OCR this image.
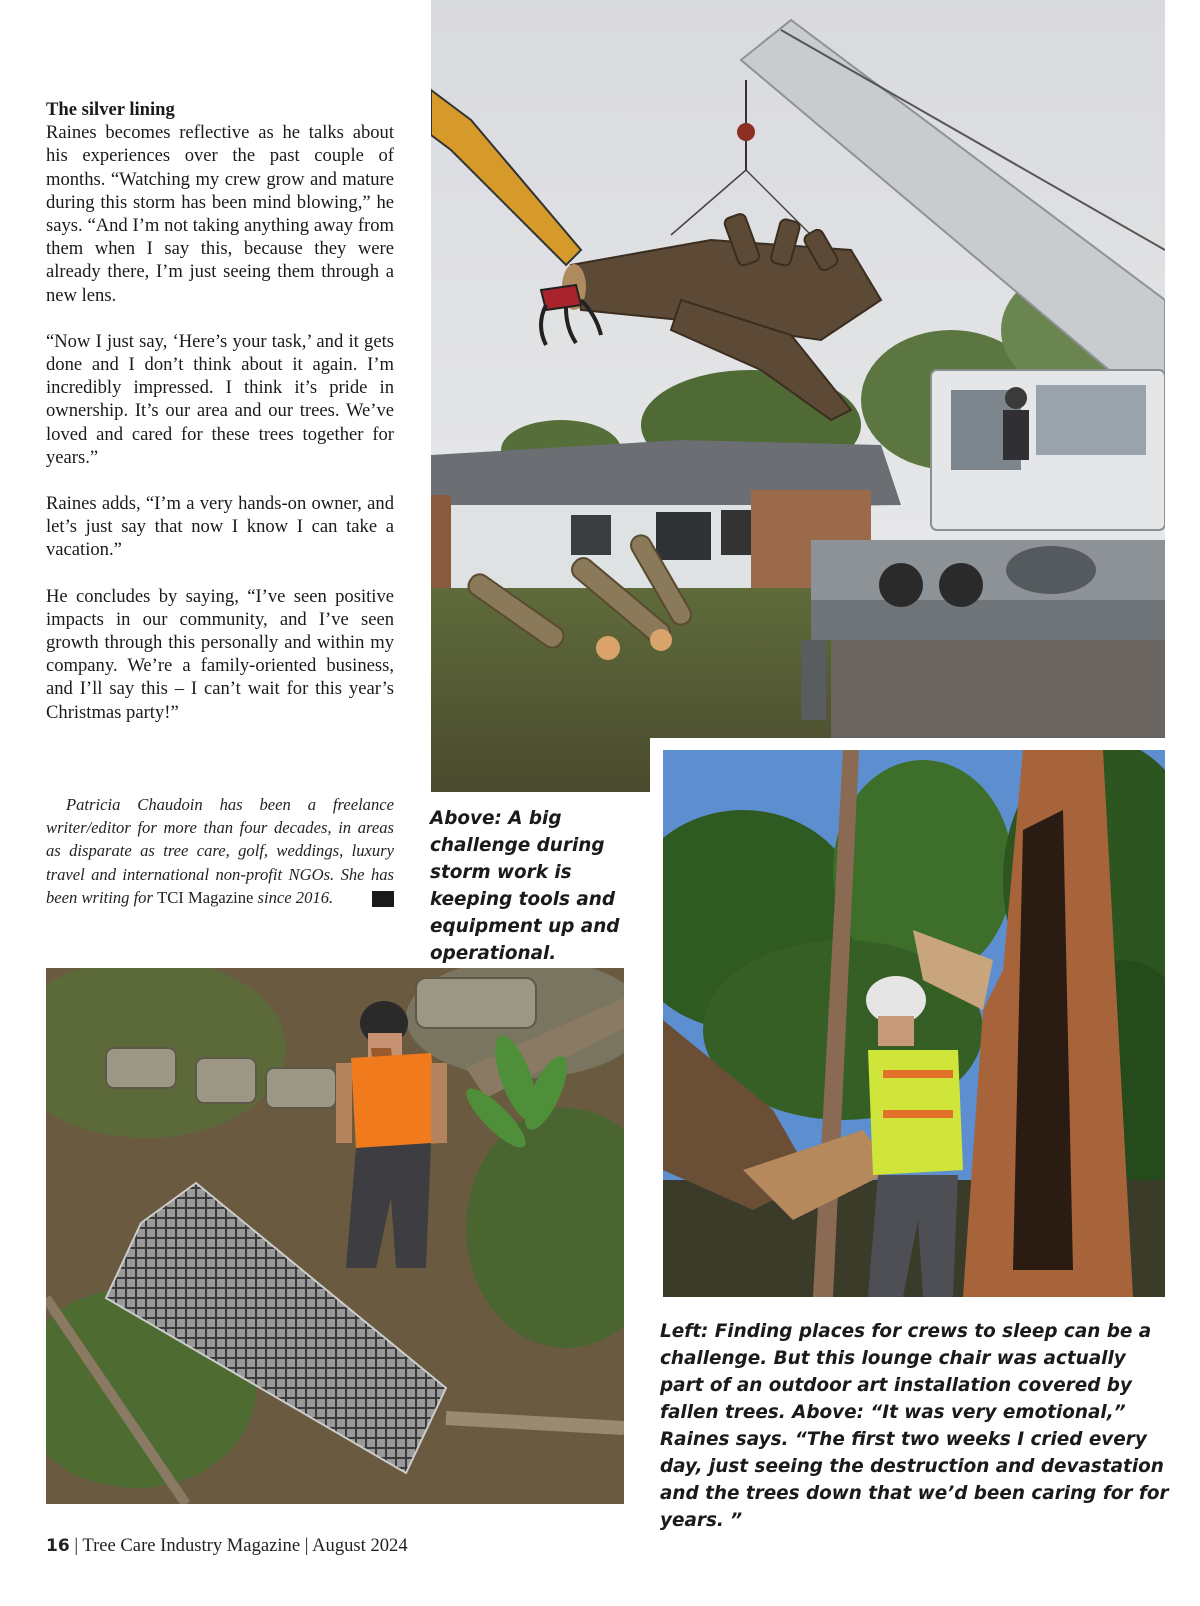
The silver lining

Raines becomes reflective as he talks about his experiences over the past couple of months. “Watching my crew grow and mature during this storm has been mind blowing,” he says. “And I’m not taking anything away from them when I say this, because they were already there, I’m just seeing them through a new lens.

“Now I just say, ‘Here’s your task,’ and it gets done and I don’t think about it again. I’m incredibly impressed. I think it’s pride in ownership. It’s our area and our trees. We’ve loved and cared for these trees together for years.”

Raines adds, “I’m a very hands-on owner, and let’s just say that now I know I can take a vacation.”

He concludes by saying, “I’ve seen positive impacts in our community, and I’ve seen growth through this personally and within my company. We’re a family-oriented business, and I’ll say this – I can’t wait for this year’s Christmas party!”

Patricia Chaudoin has been a freelance writer/editor for more than four decades, in areas as disparate as tree care, golf, weddings, luxury travel and international non-profit NGOs. She has been writing for TCI Magazine since 2016.
Above: A big challenge during storm work is keeping tools and equipment up and operational.
Left: Finding places for crews to sleep can be a challenge. But this lounge chair was actually part of an outdoor art installation covered by fallen trees. Above: “It was very emotional,” Raines says. “The first two weeks I cried every day, just seeing the destruction and devastation and the trees down that we’d been caring for for years. ”
16 | Tree Care Industry Magazine | August 2024
